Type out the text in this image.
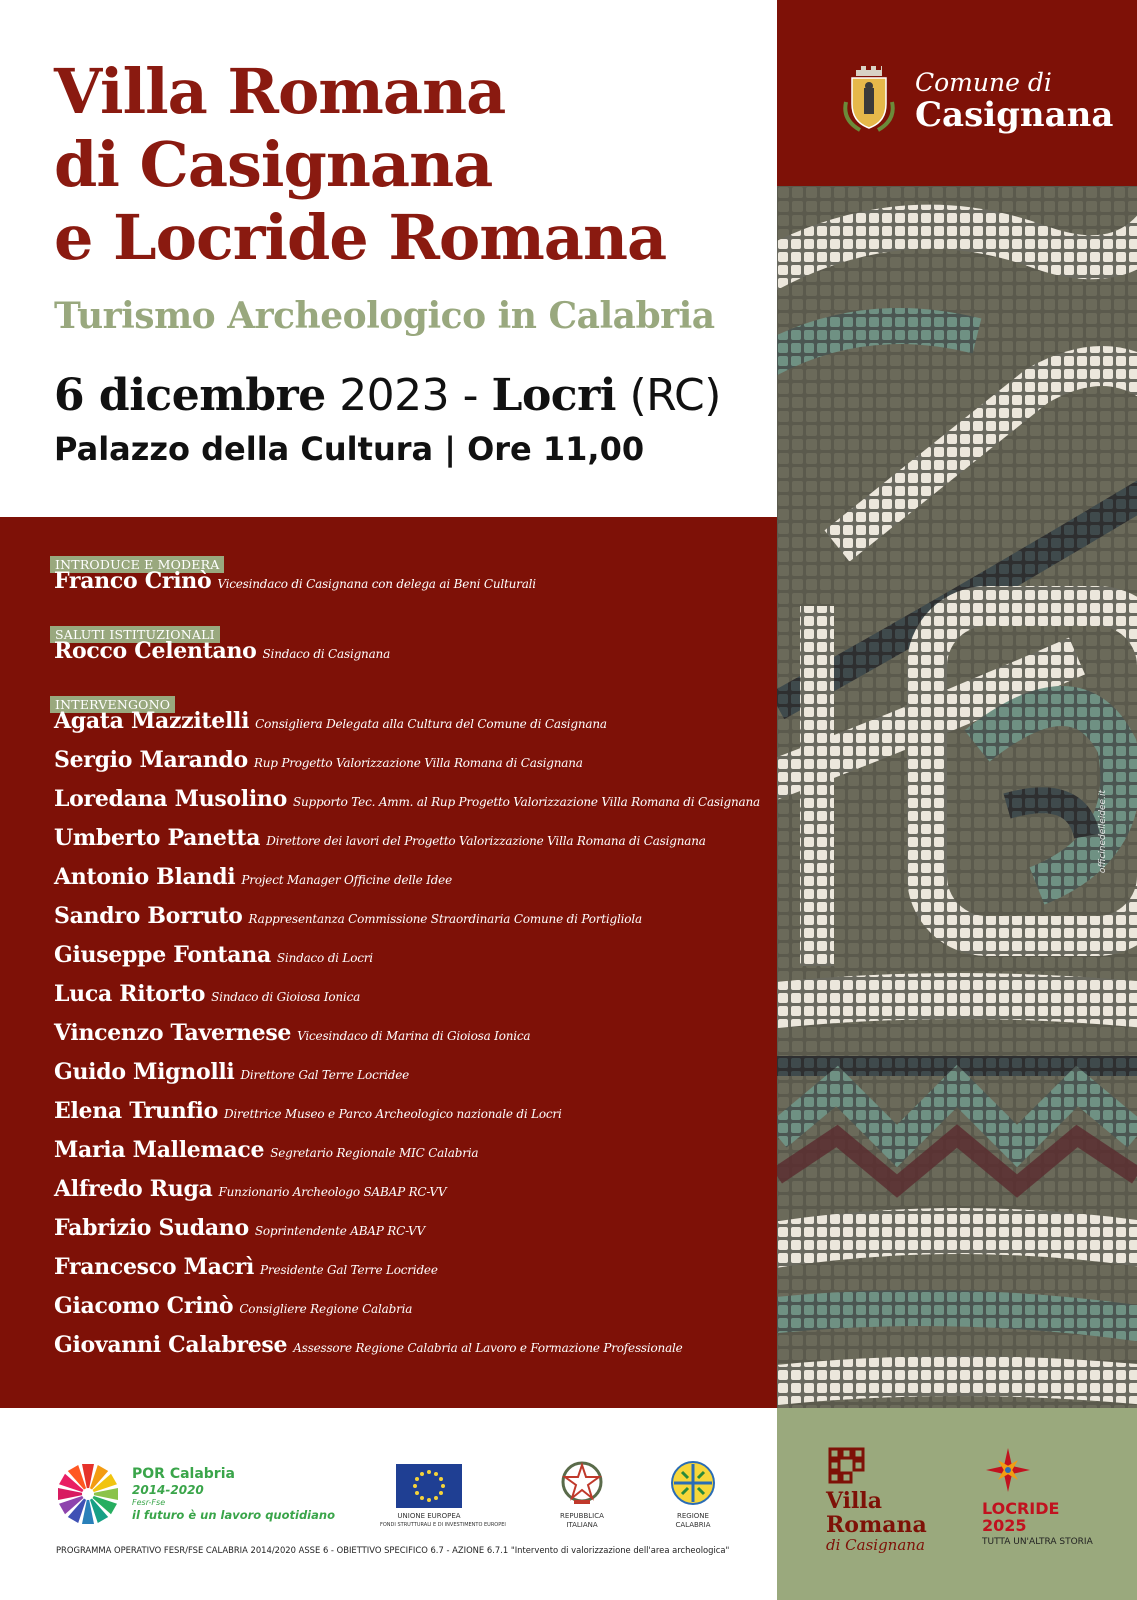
Villa Romana
di Casignana
e Locride Romana
Turismo Archeologico in Calabria
6 dicembre 2023 - Locri (RC)
Palazzo della Cultura | Ore 11,00
Comune di
Casignana
officinedelleidee.it
INTRODUCE E MODERA
Franco Crinò Vicesindaco di Casignana con delega ai Beni Culturali
SALUTI ISTITUZIONALI
Rocco Celentano Sindaco di Casignana
INTERVENGONO
Agata Mazzitelli Consigliera Delegata alla Cultura del Comune di Casignana
Sergio Marando Rup Progetto Valorizzazione Villa Romana di Casignana
Loredana Musolino Supporto Tec. Amm. al Rup Progetto Valorizzazione Villa Romana di Casignana
Umberto Panetta Direttore dei lavori del Progetto Valorizzazione Villa Romana di Casignana
Antonio Blandi Project Manager Officine delle Idee
Sandro Borruto Rappresentanza Commissione Straordinaria Comune di Portigliola
Giuseppe Fontana Sindaco di Locri
Luca Ritorto Sindaco di Gioiosa Ionica
Vincenzo Tavernese Vicesindaco di Marina di Gioiosa Ionica
Guido Mignolli Direttore Gal Terre Locridee
Elena Trunfio Direttrice Museo e Parco Archeologico nazionale di Locri
Maria Mallemace Segretario Regionale MIC Calabria
Alfredo Ruga Funzionario Archeologo SABAP RC-VV
Fabrizio Sudano Soprintendente ABAP RC-VV
Francesco Macrì Presidente Gal Terre Locridee
Giacomo Crinò Consigliere Regione Calabria
Giovanni Calabrese Assessore Regione Calabria al Lavoro e Formazione Professionale
POR Calabria
2014-2020
Fesr-Fse
il futuro è un lavoro quotidiano	UNIONE EUROPEA
FONDI STRUTTURALI E DI INVESTIMENTO EUROPEI
REPUBBLICA
ITALIANA
REGIONE
CALABRIA
PROGRAMMA OPERATIVO FESR/FSE CALABRIA 2014/2020 ASSE 6 - OBIETTIVO SPECIFICO 6.7 - AZIONE 6.7.1 "Intervento di valorizzazione dell'area archeologica"
Villa
Romana
di Casignana
LOCRIDE
2025
TUTTA UN'ALTRA STORIA
